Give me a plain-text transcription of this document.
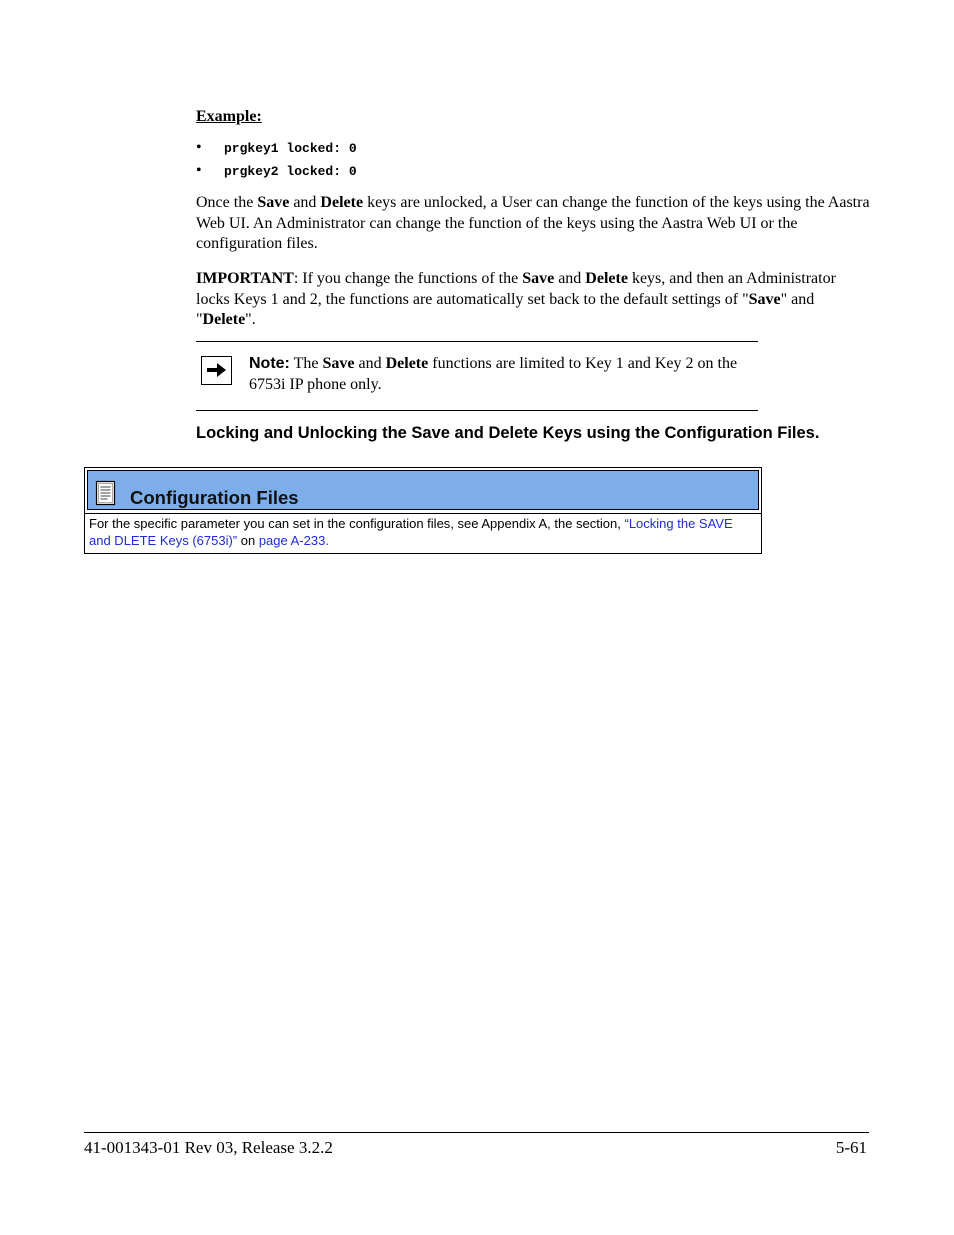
Example:
• prgkey1 locked: 0
• prgkey2 locked: 0
Once the Save and Delete keys are unlocked, a User can change the function of the keys using the Aastra Web UI. An Administrator can change the function of the keys using the Aastra Web UI or the configuration files.
IMPORTANT: If you change the functions of the Save and Delete keys, and then an Administrator locks Keys 1 and 2, the functions are automatically set back to the default settings of "Save" and "Delete".
Note: The Save and Delete functions are limited to Key 1 and Key 2 on the 6753i IP phone only.
Locking and Unlocking the Save and Delete Keys using the Configuration Files.
Configuration Files
For the specific parameter you can set in the configuration files, see Appendix A, the section, “Locking the SAVE and DLETE Keys (6753i)” on page A-233.
41-001343-01 Rev 03, Release 3.2.2	5-61
